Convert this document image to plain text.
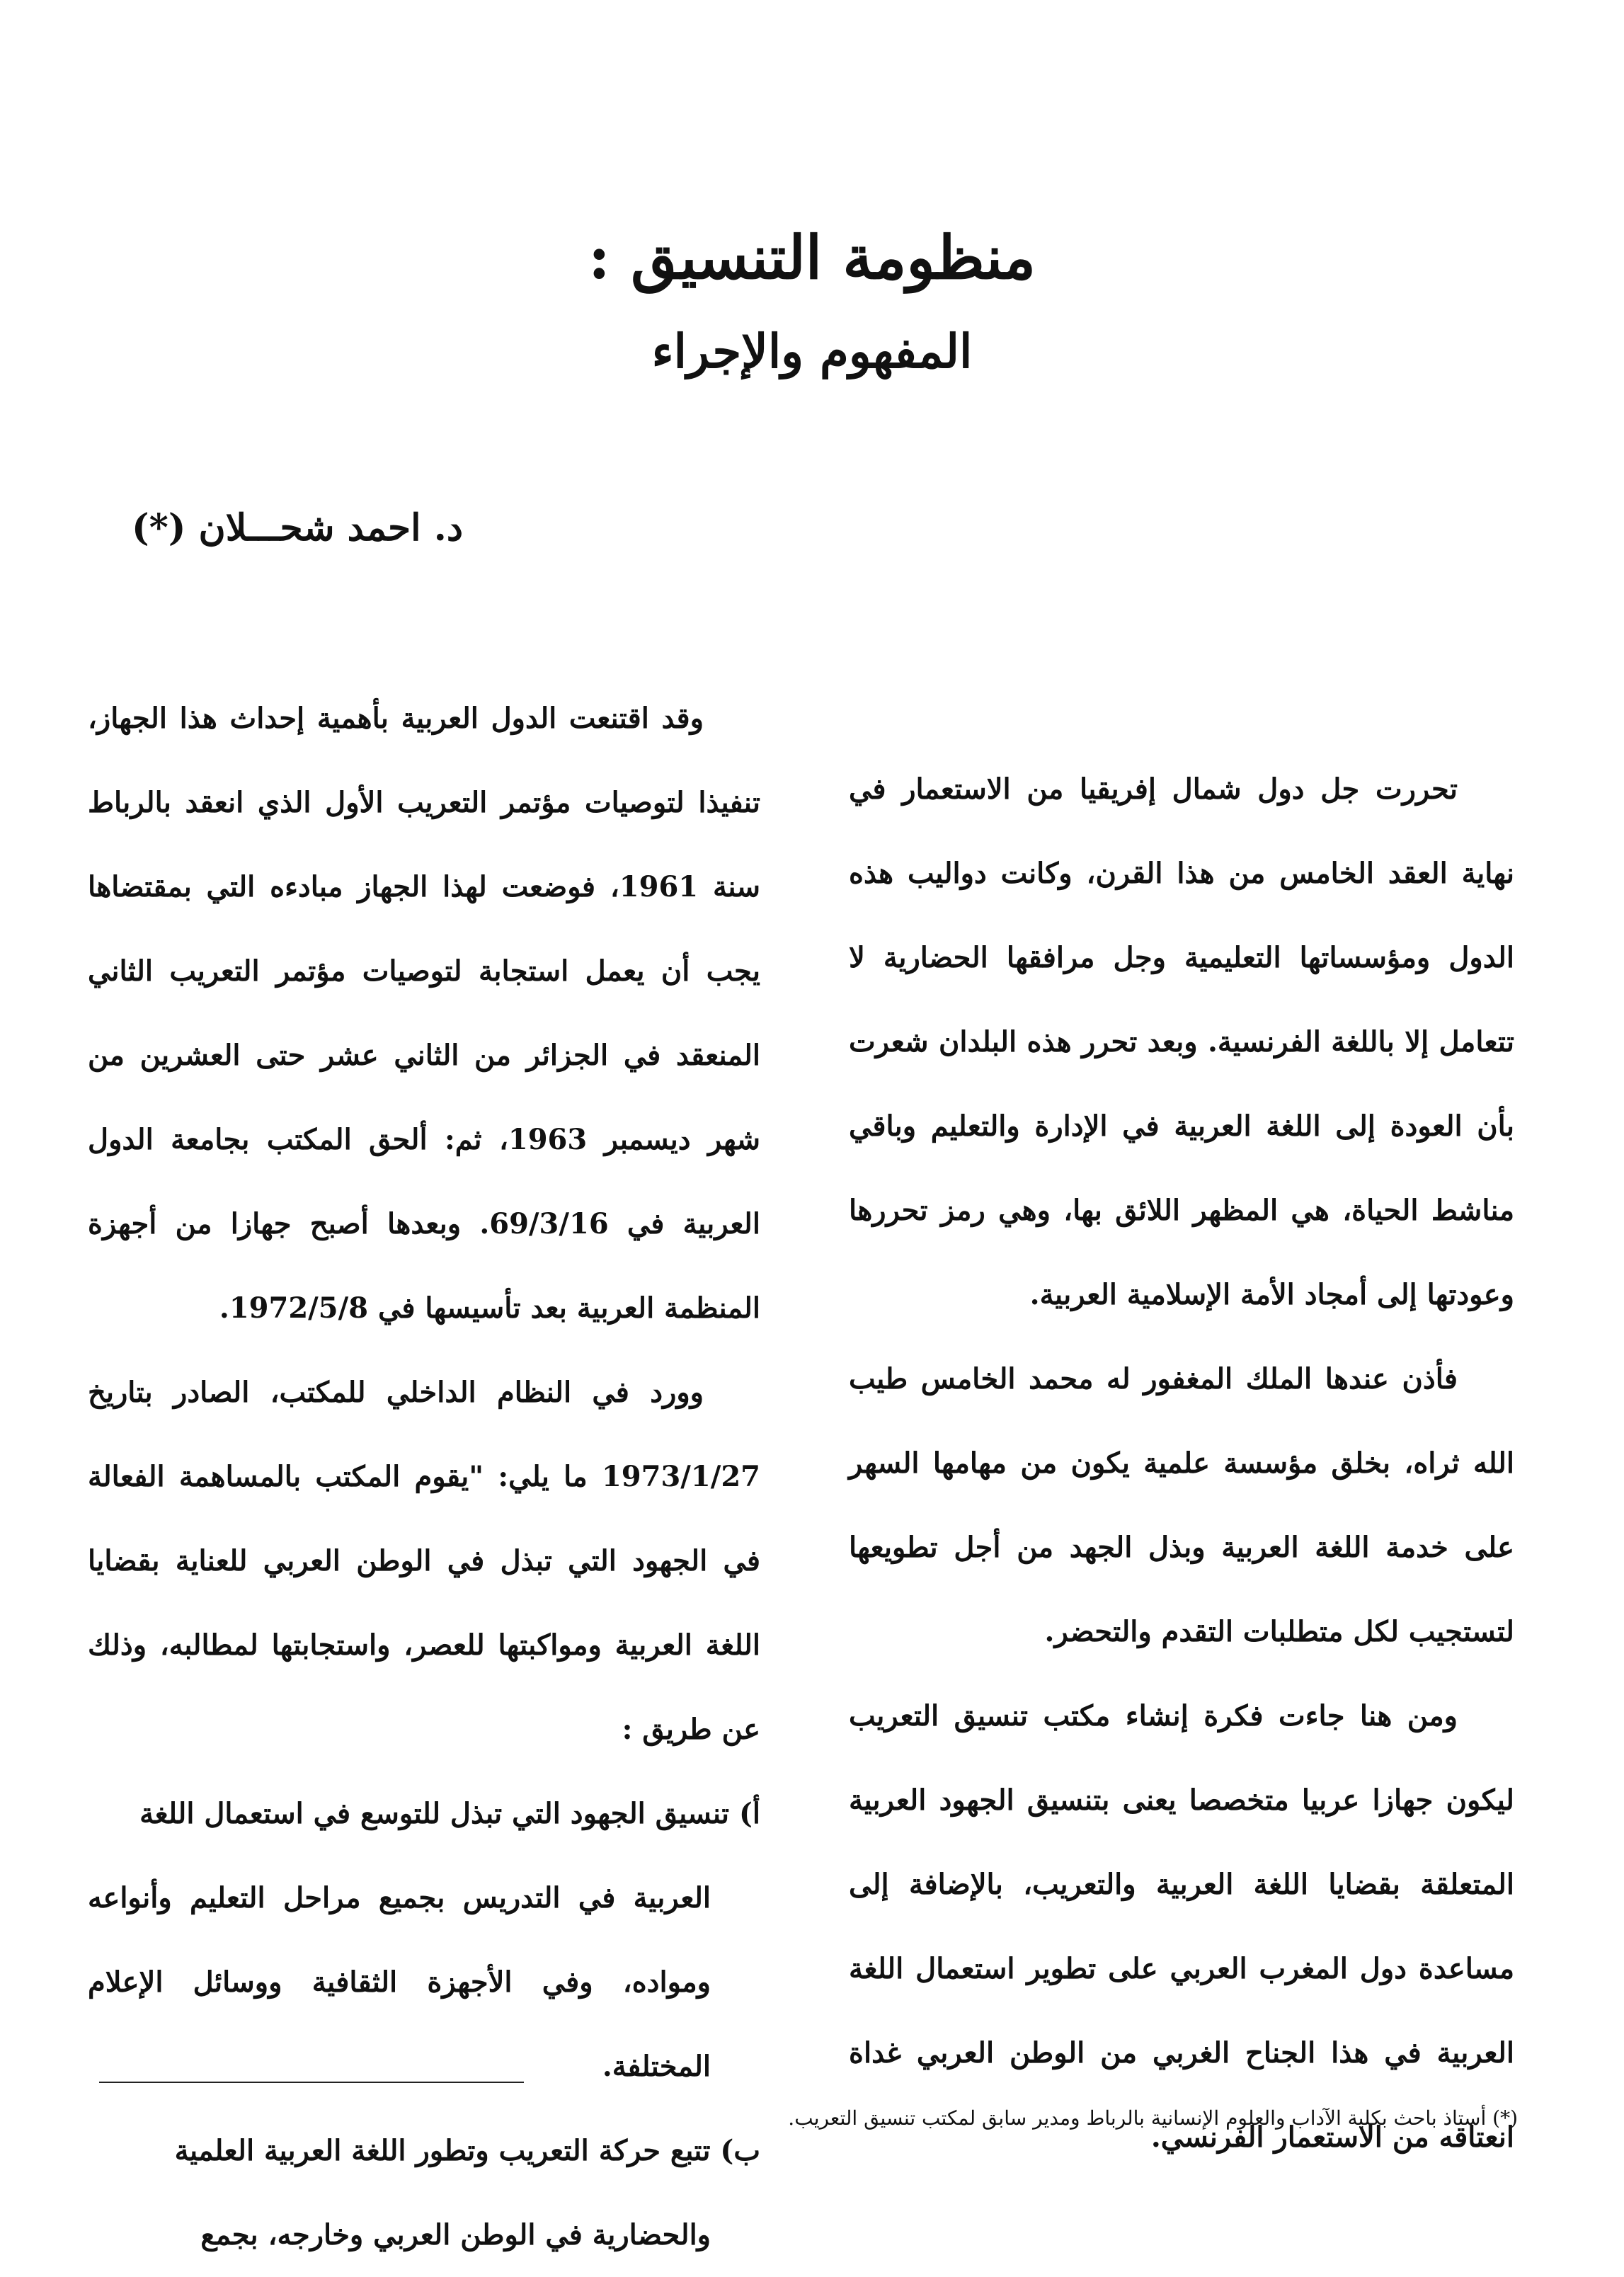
منظومة التنسيق :
المفهوم والإجراء
د. احمد شحـــلان (*)

تحررت جل دول شمال إفريقيا من الاستعمار في نهاية العقد الخامس من هذا القرن، وكانت دواليب هذه الدول ومؤسساتها التعليمية وجل مرافقها الحضارية لا تتعامل إلا باللغة الفرنسية. وبعد تحرر هذه البلدان شعرت بأن العودة إلى اللغة العربية في الإدارة والتعليم وباقي مناشط الحياة، هي المظهر اللائق بها، وهي رمز تحررها وعودتها إلى أمجاد الأمة الإسلامية العربية.

فأذن عندها الملك المغفور له محمد الخامس طيب الله ثراه، بخلق مؤسسة علمية يكون من مهامها السهر على خدمة اللغة العربية وبذل الجهد من أجل تطويعها لتستجيب لكل متطلبات التقدم والتحضر.

ومن هنا جاءت فكرة إنشاء مكتب تنسيق التعريب ليكون جهازا عربيا متخصصا يعنى بتنسيق الجهود العربية المتعلقة بقضايا اللغة العربية والتعريب، بالإضافة إلى مساعدة دول المغرب العربي على تطوير استعمال اللغة العربية في هذا الجناح الغربي من الوطن العربي غداة انعتاقه من الاستعمار الفرنسي.

وقد اقتنعت الدول العربية بأهمية إحداث هذا الجهاز، تنفيذا لتوصيات مؤتمر التعريب الأول الذي انعقد بالرباط سنة 1961، فوضعت لهذا الجهاز مبادءه التي بمقتضاها يجب أن يعمل استجابة لتوصيات مؤتمر التعريب الثاني المنعقد في الجزائر من الثاني عشر حتى العشرين من شهر ديسمبر 1963، ثم: ألحق المكتب بجامعة الدول العربية في 69/3/16. وبعدها أصبح جهازا من أجهزة المنظمة العربية بعد تأسيسها في 1972/5/8.

وورد في النظام الداخلي للمكتب، الصادر بتاريخ 1973/1/27 ما يلي: "يقوم المكتب بالمساهمة الفعالة في الجهود التي تبذل في الوطن العربي للعناية بقضايا اللغة العربية ومواكبتها للعصر، واستجابتها لمطالبه، وذلك عن طريق :

أ) تنسيق الجهود التي تبذل للتوسع في استعمال اللغة
العربية في التدريس بجميع مراحل التعليم وأنواعه ومواده، وفي الأجهزة الثقافية ووسائل الإعلام المختلفة.

ب) تتبع حركة التعريب وتطور اللغة العربية العلمية
والحضارية في الوطن العربي وخارجه، بجمع

(*) أستاذ باحث بكلية الآداب والعلوم الإنسانية بالرباط ومدير سابق لمكتب تنسيق التعريب.
